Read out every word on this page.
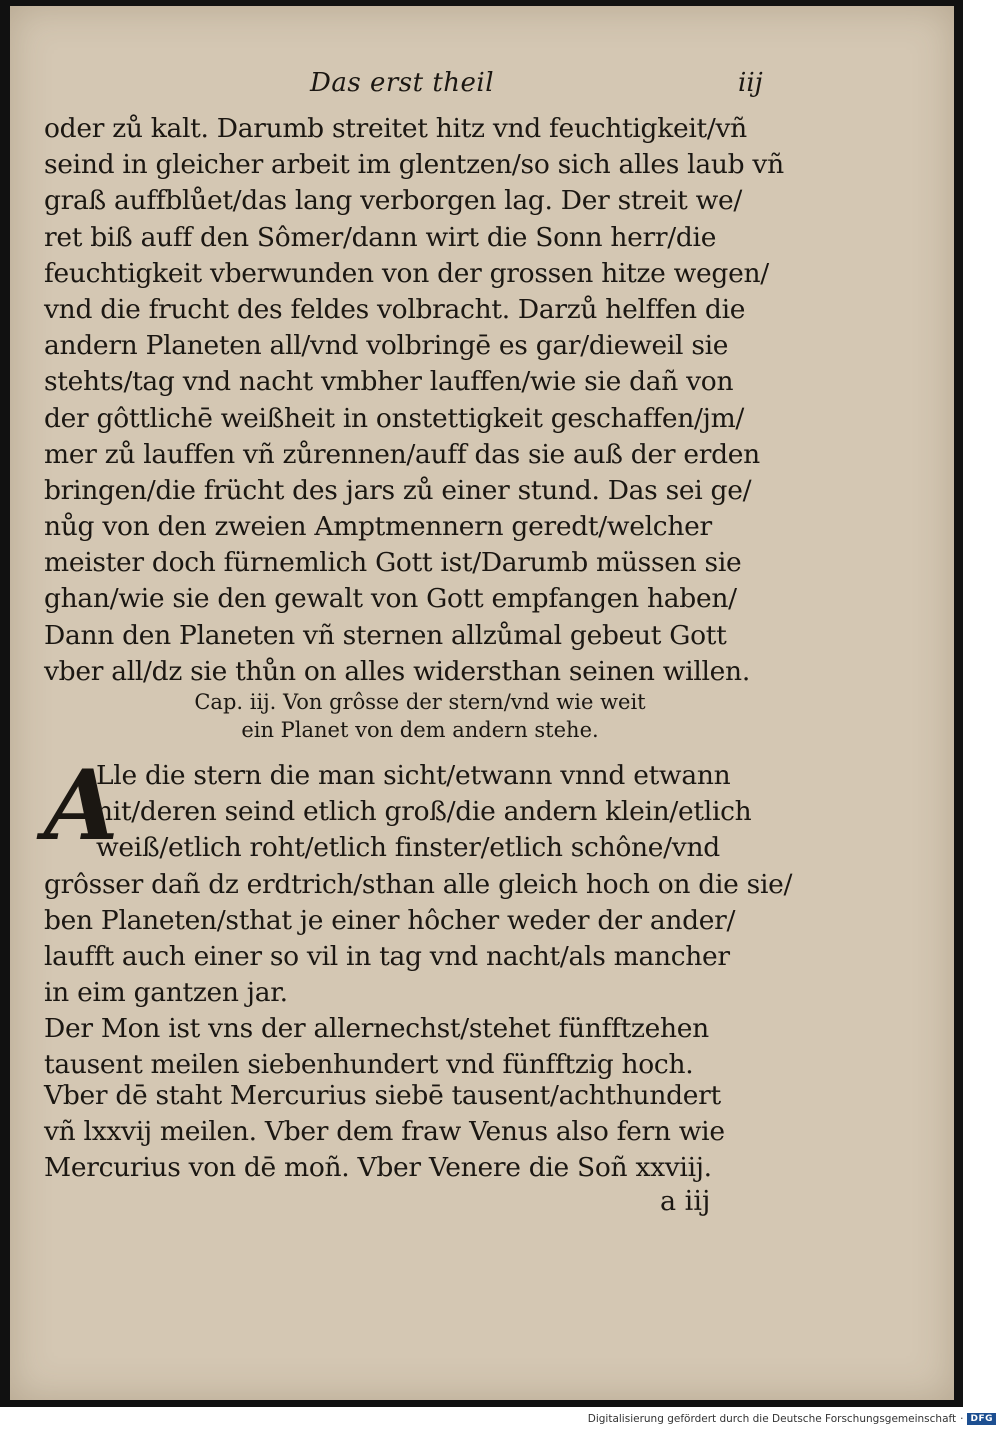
Das erst theil	iij
oder zů kalt. Darumb streitet hitz vnd feuchtigkeit/vñ
seind in gleicher arbeit im glentzen/so sich alles laub vñ
graß auffblůet/das lang verborgen lag. Der streit we∕
ret biß auff den Sômer/dann wirt die Sonn herr/die
feuchtigkeit vberwunden von der grossen hitze wegen/
vnd die frucht des feldes volbracht. Darzů helffen die
andern Planeten all/vnd volbringē es gar/dieweil sie
stehts/tag vnd nacht vmbher lauffen/wie sie dañ von
der gôttlichē weißheit in onstettigkeit geschaffen/jm∕
mer zů lauffen vñ zůrennen/auff das sie auß der erden
bringen/die frücht des jars zů einer stund. Das sei ge∕
nůg von den zweien Amptmennern geredt/welcher
meister doch fürnemlich Gott ist/Darumb müssen sie
ghan/wie sie den gewalt von Gott empfangen haben/
Dann den Planeten vñ sternen allzůmal gebeut Gott
vber all/dz sie thůn on alles widersthan seinen willen.
Cap. iij. Von grôsse der stern/vnd wie weit
ein Planet von dem andern stehe.
A
Lle die stern die man sicht/etwann vnnd etwann
nit/deren seind etlich groß/die andern klein/etlich
weiß/etlich roht/etlich finster/etlich schône/vnd
grôsser dañ dz erdtrich/sthan alle gleich hoch on die sie∕
ben Planeten/sthat je einer hôcher weder der ander/
laufft auch einer so vil in tag vnd nacht/als mancher
in eim gantzen jar.
Der Mon ist vns der allernechst/stehet fünfftzehen
tausent meilen siebenhundert vnd fünfftzig hoch.
Vber dē staht Mercurius siebē tausent/achthundert
vñ lxxvij meilen. Vber dem fraw Venus also fern wie
Mercurius von dē moñ. Vber Venere die Soñ xxviij.
a iij
Digitalisierung gefördert durch die Deutsche Forschungsgemeinschaft · DFG
